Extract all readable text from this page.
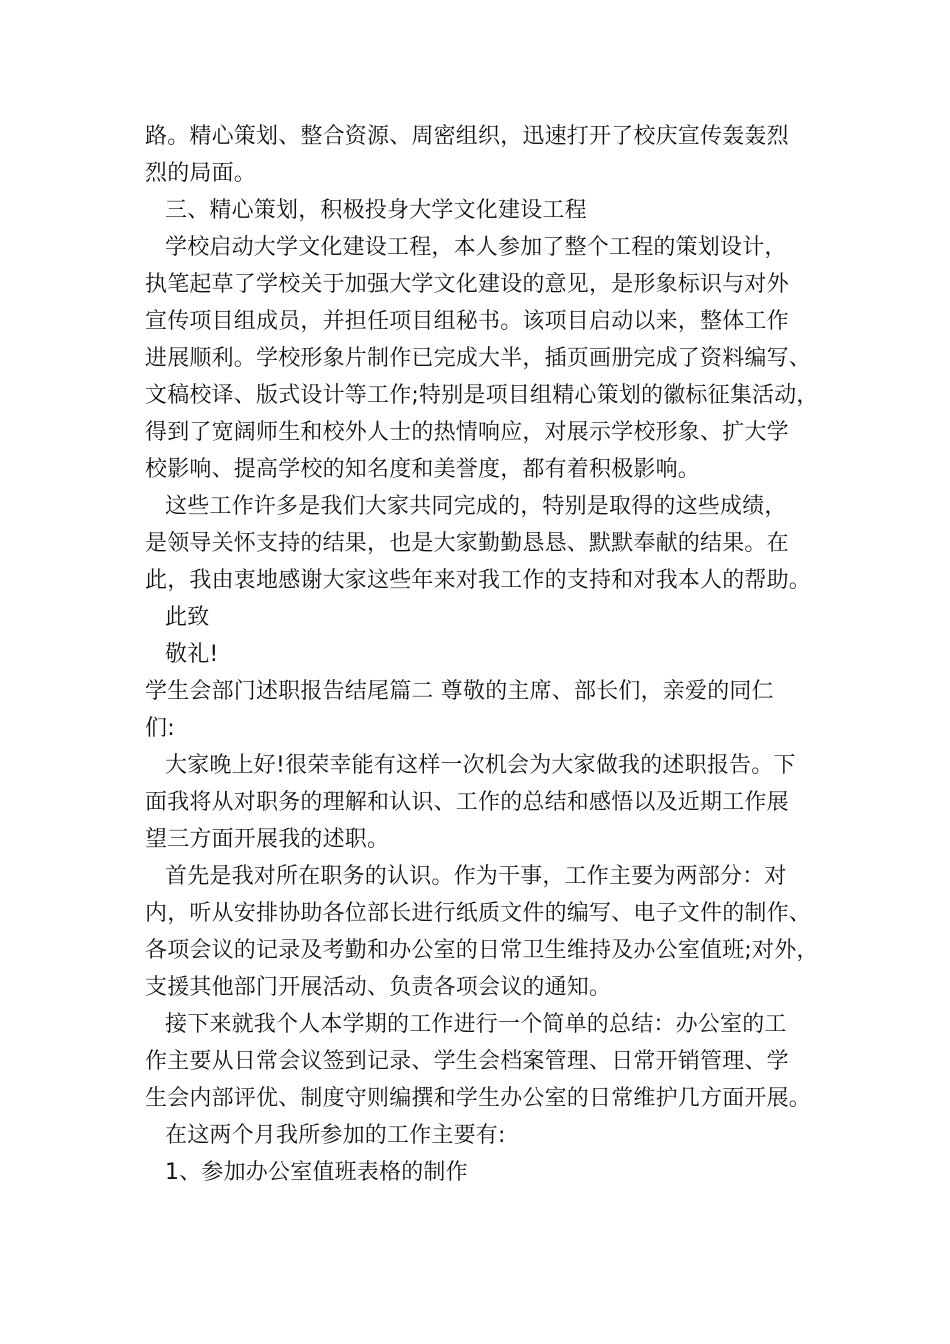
路。精心策划、整合资源、周密组织，迅速打开了校庆宣传轰轰烈
烈的局面。
三、精心策划，积极投身大学文化建设工程
学校启动大学文化建设工程，本人参加了整个工程的策划设计，
执笔起草了学校关于加强大学文化建设的意见，是形象标识与对外
宣传项目组成员，并担任项目组秘书。该项目启动以来，整体工作
进展顺利。学校形象片制作已完成大半，插页画册完成了资料编写、
文稿校译、版式设计等工作;特别是项目组精心策划的徽标征集活动，
得到了宽阔师生和校外人士的热情响应，对展示学校形象、扩大学
校影响、提高学校的知名度和美誉度，都有着积极影响。
这些工作许多是我们大家共同完成的，特别是取得的这些成绩，
是领导关怀支持的结果，也是大家勤勤恳恳、默默奉献的结果。在
此，我由衷地感谢大家这些年来对我工作的支持和对我本人的帮助。
此致
敬礼!
学生会部门述职报告结尾篇二 尊敬的主席、部长们，亲爱的同仁
们:
大家晚上好!很荣幸能有这样一次机会为大家做我的述职报告。下
面我将从对职务的理解和认识、工作的总结和感悟以及近期工作展
望三方面开展我的述职。
首先是我对所在职务的认识。作为干事，工作主要为两部分：对
内，听从安排协助各位部长进行纸质文件的编写、电子文件的制作、
各项会议的记录及考勤和办公室的日常卫生维持及办公室值班;对外，
支援其他部门开展活动、负责各项会议的通知。
接下来就我个人本学期的工作进行一个简单的总结：办公室的工
作主要从日常会议签到记录、学生会档案管理、日常开销管理、学
生会内部评优、制度守则编撰和学生办公室的日常维护几方面开展。
在这两个月我所参加的工作主要有:
1、参加办公室值班表格的制作
